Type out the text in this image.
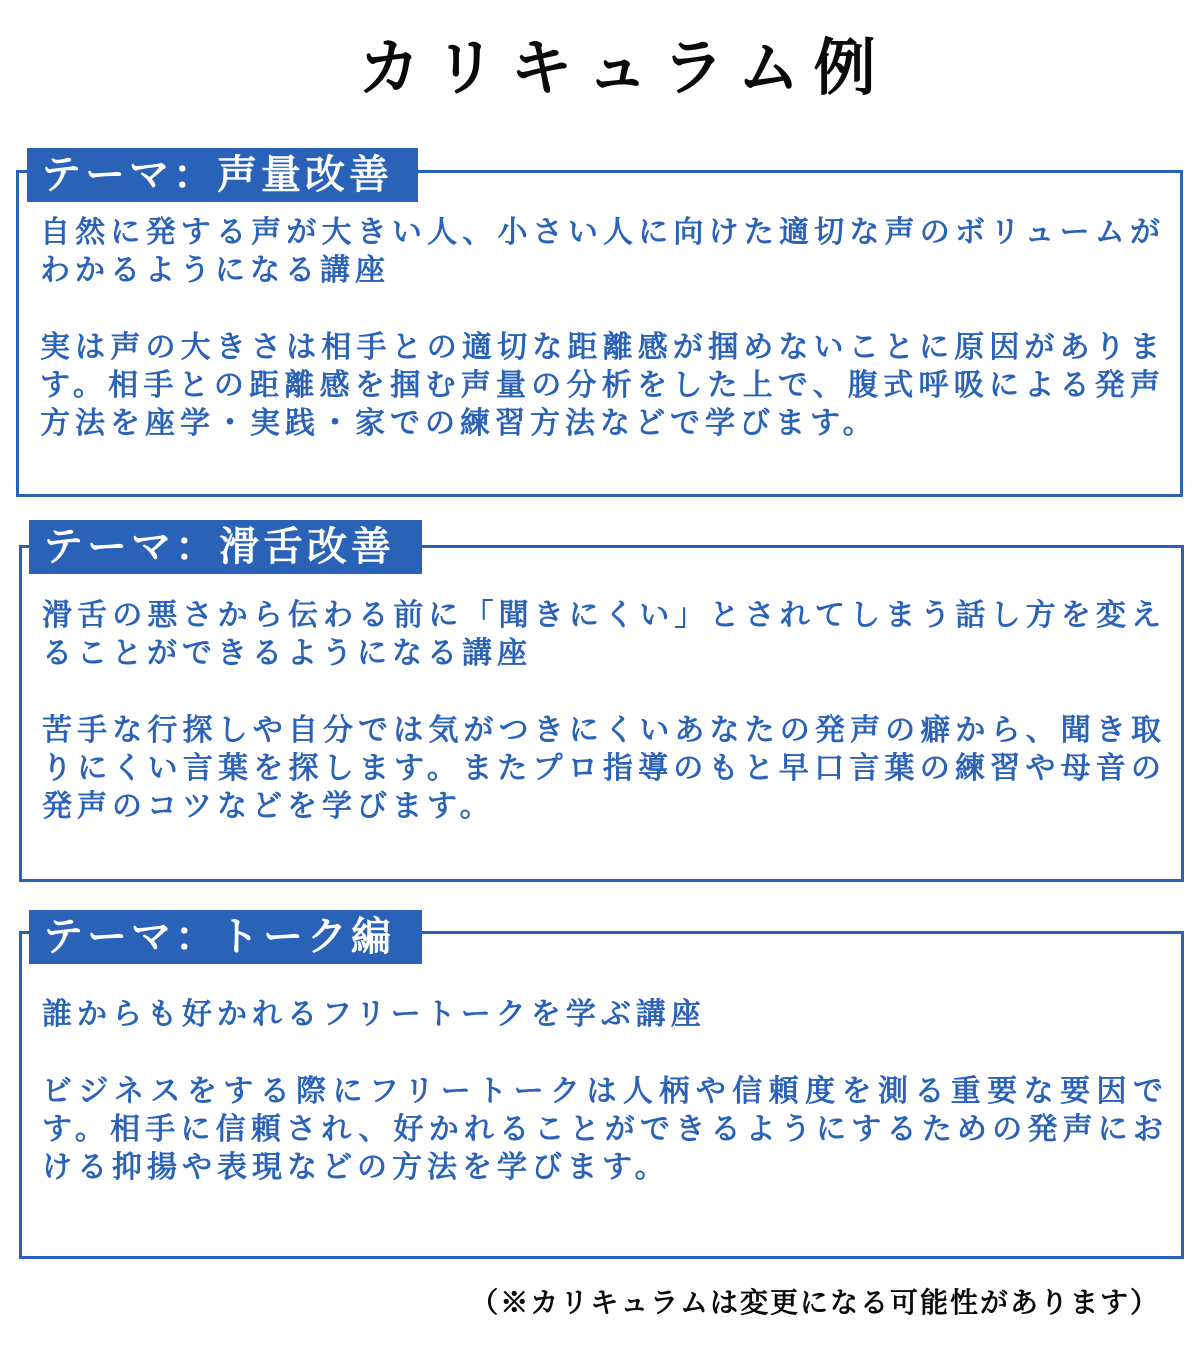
カリキュラム例
テーマ：声量改善

自然に発する声が大きい人、小さい人に向けた適切な声のボリュームがわかるようになる講座

実は声の大きさは相手との適切な距離感が掴めないことに原因があります。相手との距離感を掴む声量の分析をした上で、腹式呼吸による発声方法を座学・実践・家での練習方法などで学びます。

テーマ：滑舌改善

滑舌の悪さから伝わる前に「聞きにくい」とされてしまう話し方を変えることができるようになる講座

苦手な行探しや自分では気がつきにくいあなたの発声の癖から、聞き取りにくい言葉を探します。またプロ指導のもと早口言葉の練習や母音の発声のコツなどを学びます。

テーマ：トーク編

誰からも好かれるフリートークを学ぶ講座

ビジネスをする際にフリートークは人柄や信頼度を測る重要な要因です。相手に信頼され、好かれることができるようにするための発声における抑揚や表現などの方法を学びます。

（※カリキュラムは変更になる可能性があります）
